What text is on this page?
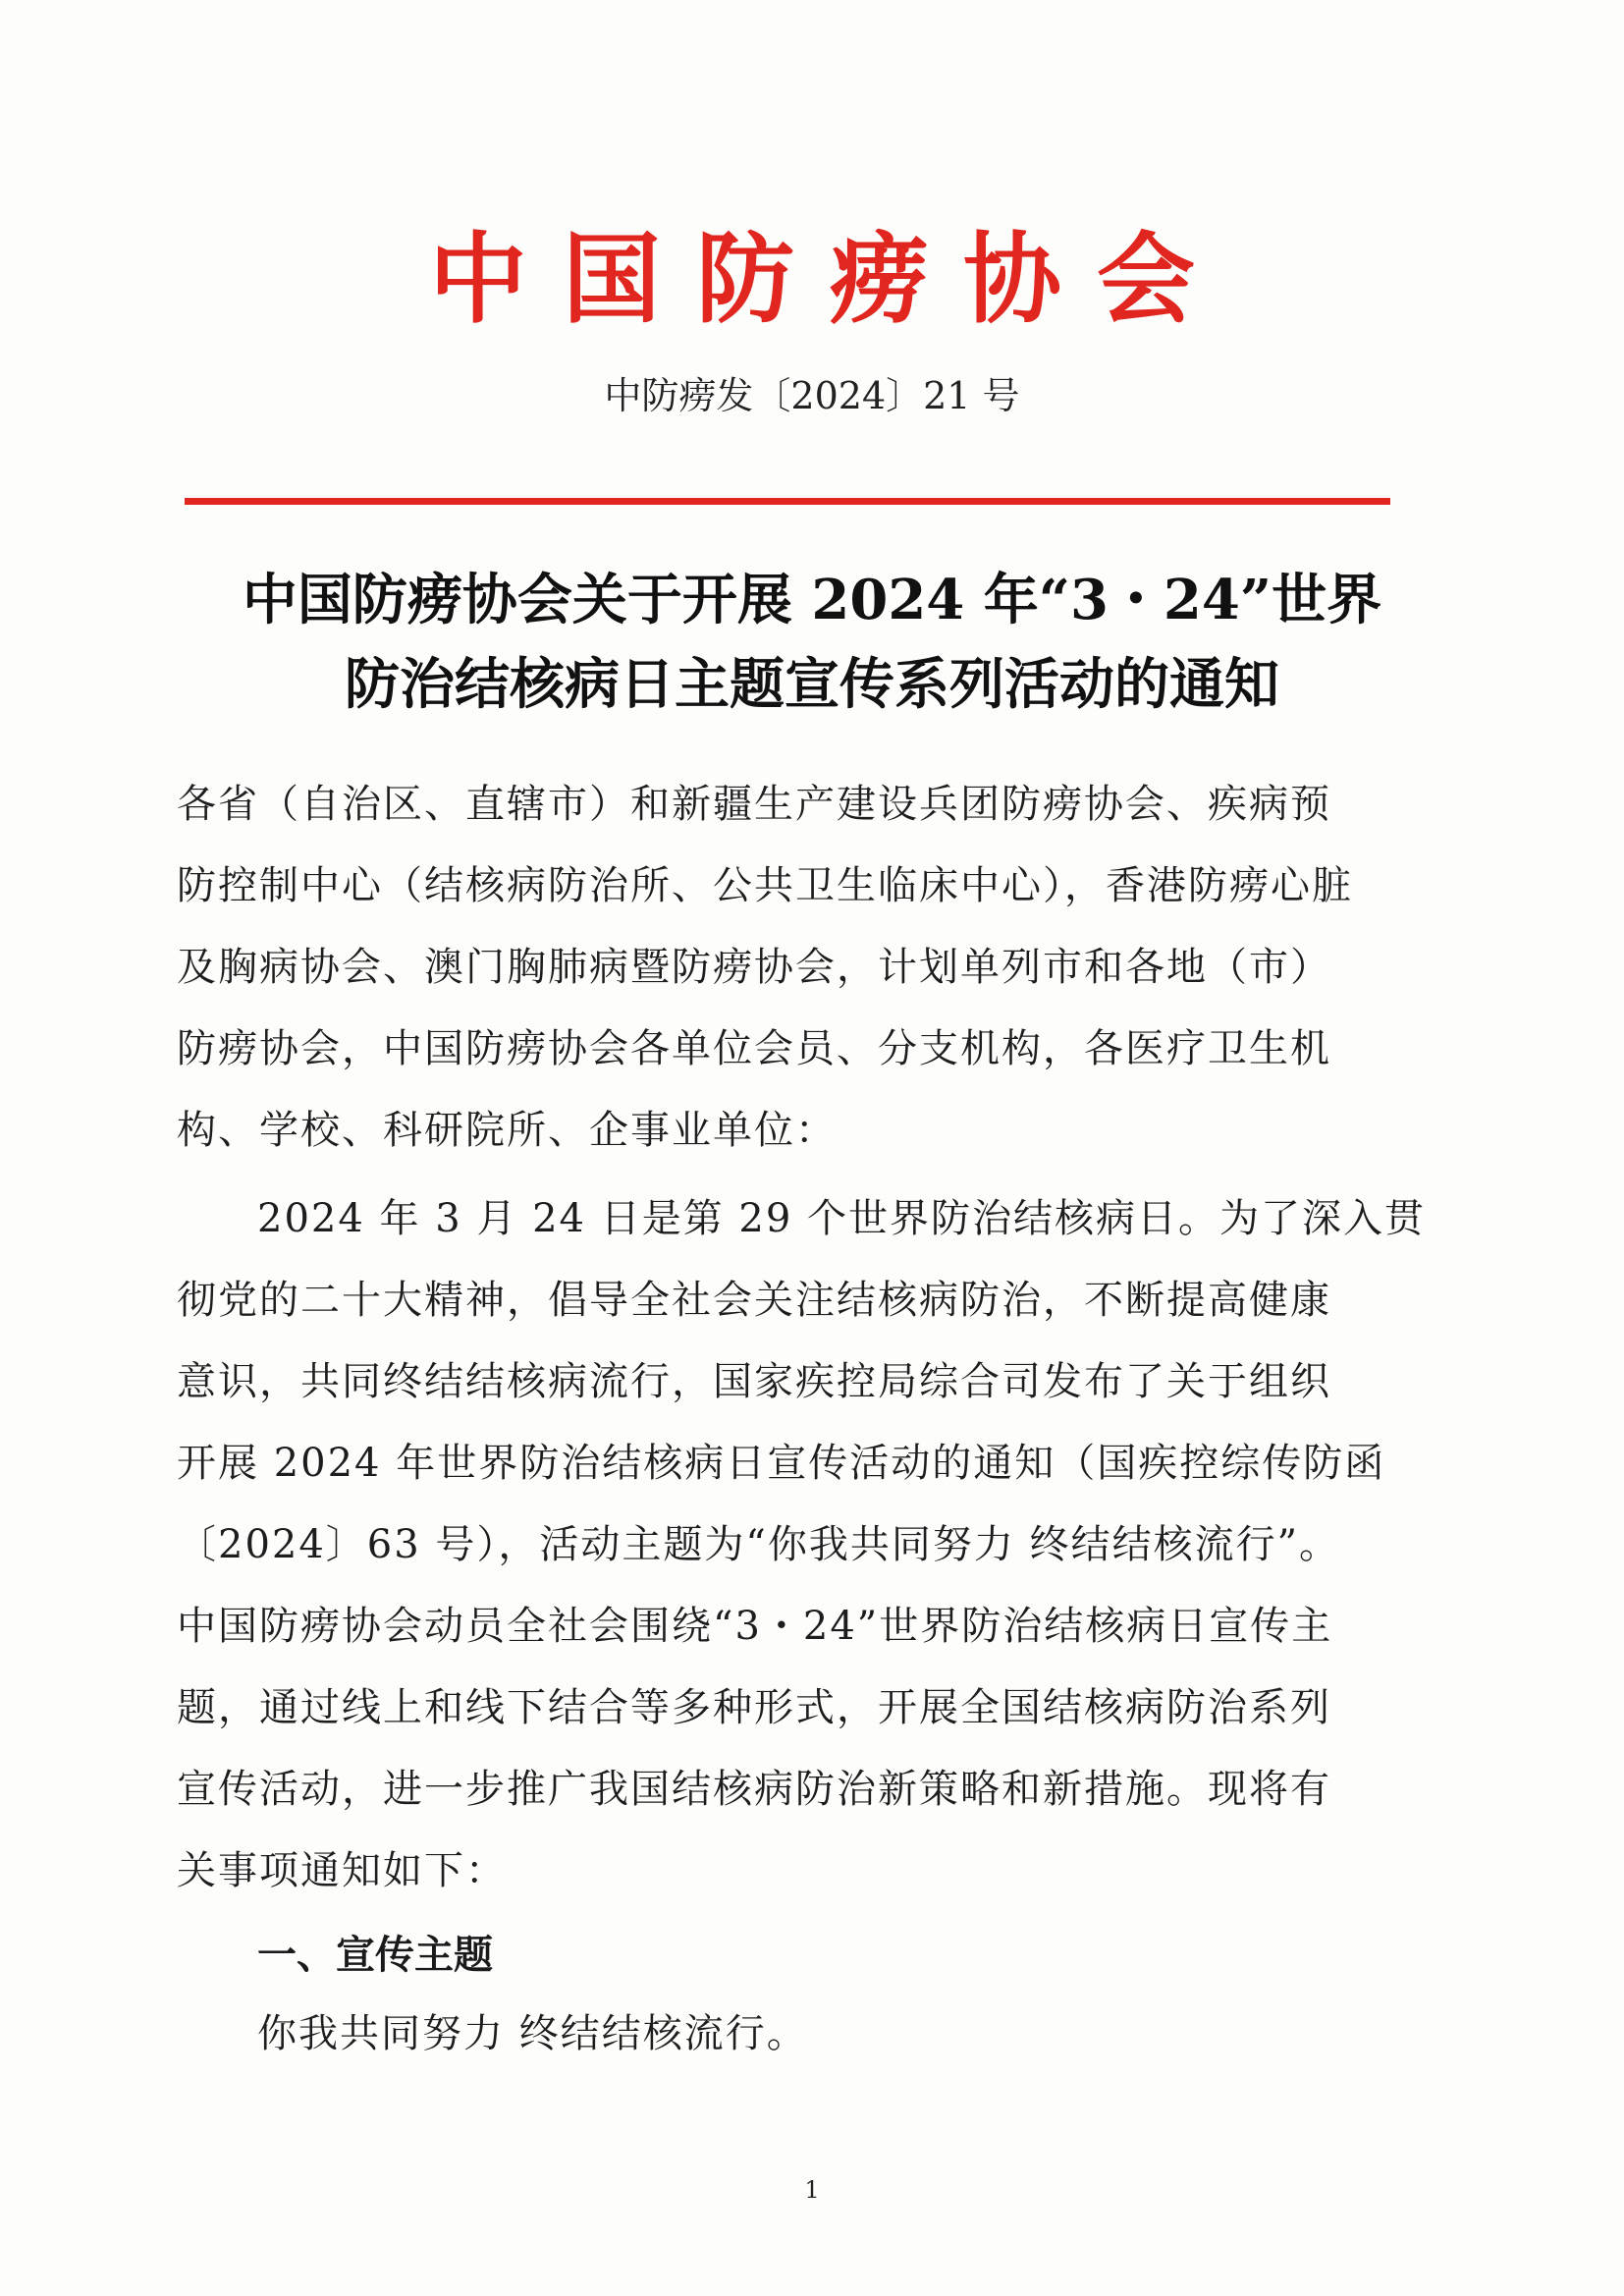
中国防痨协会
中防痨发〔2024〕21 号
中国防痨协会关于开展 2024 年“3・24”世界
防治结核病日主题宣传系列活动的通知
各省（自治区、直辖市）和新疆生产建设兵团防痨协会、疾病预
防控制中心（结核病防治所、公共卫生临床中心），香港防痨心脏
及胸病协会、澳门胸肺病暨防痨协会，计划单列市和各地（市）
防痨协会，中国防痨协会各单位会员、分支机构，各医疗卫生机
构、学校、科研院所、企事业单位：
2024 年 3 月 24 日是第 29 个世界防治结核病日。为了深入贯
彻党的二十大精神，倡导全社会关注结核病防治，不断提高健康
意识，共同终结结核病流行，国家疾控局综合司发布了关于组织
开展 2024 年世界防治结核病日宣传活动的通知（国疾控综传防函
〔2024〕63 号），活动主题为“你我共同努力 终结结核流行”。
中国防痨协会动员全社会围绕“3・24”世界防治结核病日宣传主
题，通过线上和线下结合等多种形式，开展全国结核病防治系列
宣传活动，进一步推广我国结核病防治新策略和新措施。现将有
关事项通知如下：
一、宣传主题
你我共同努力 终结结核流行。
1
